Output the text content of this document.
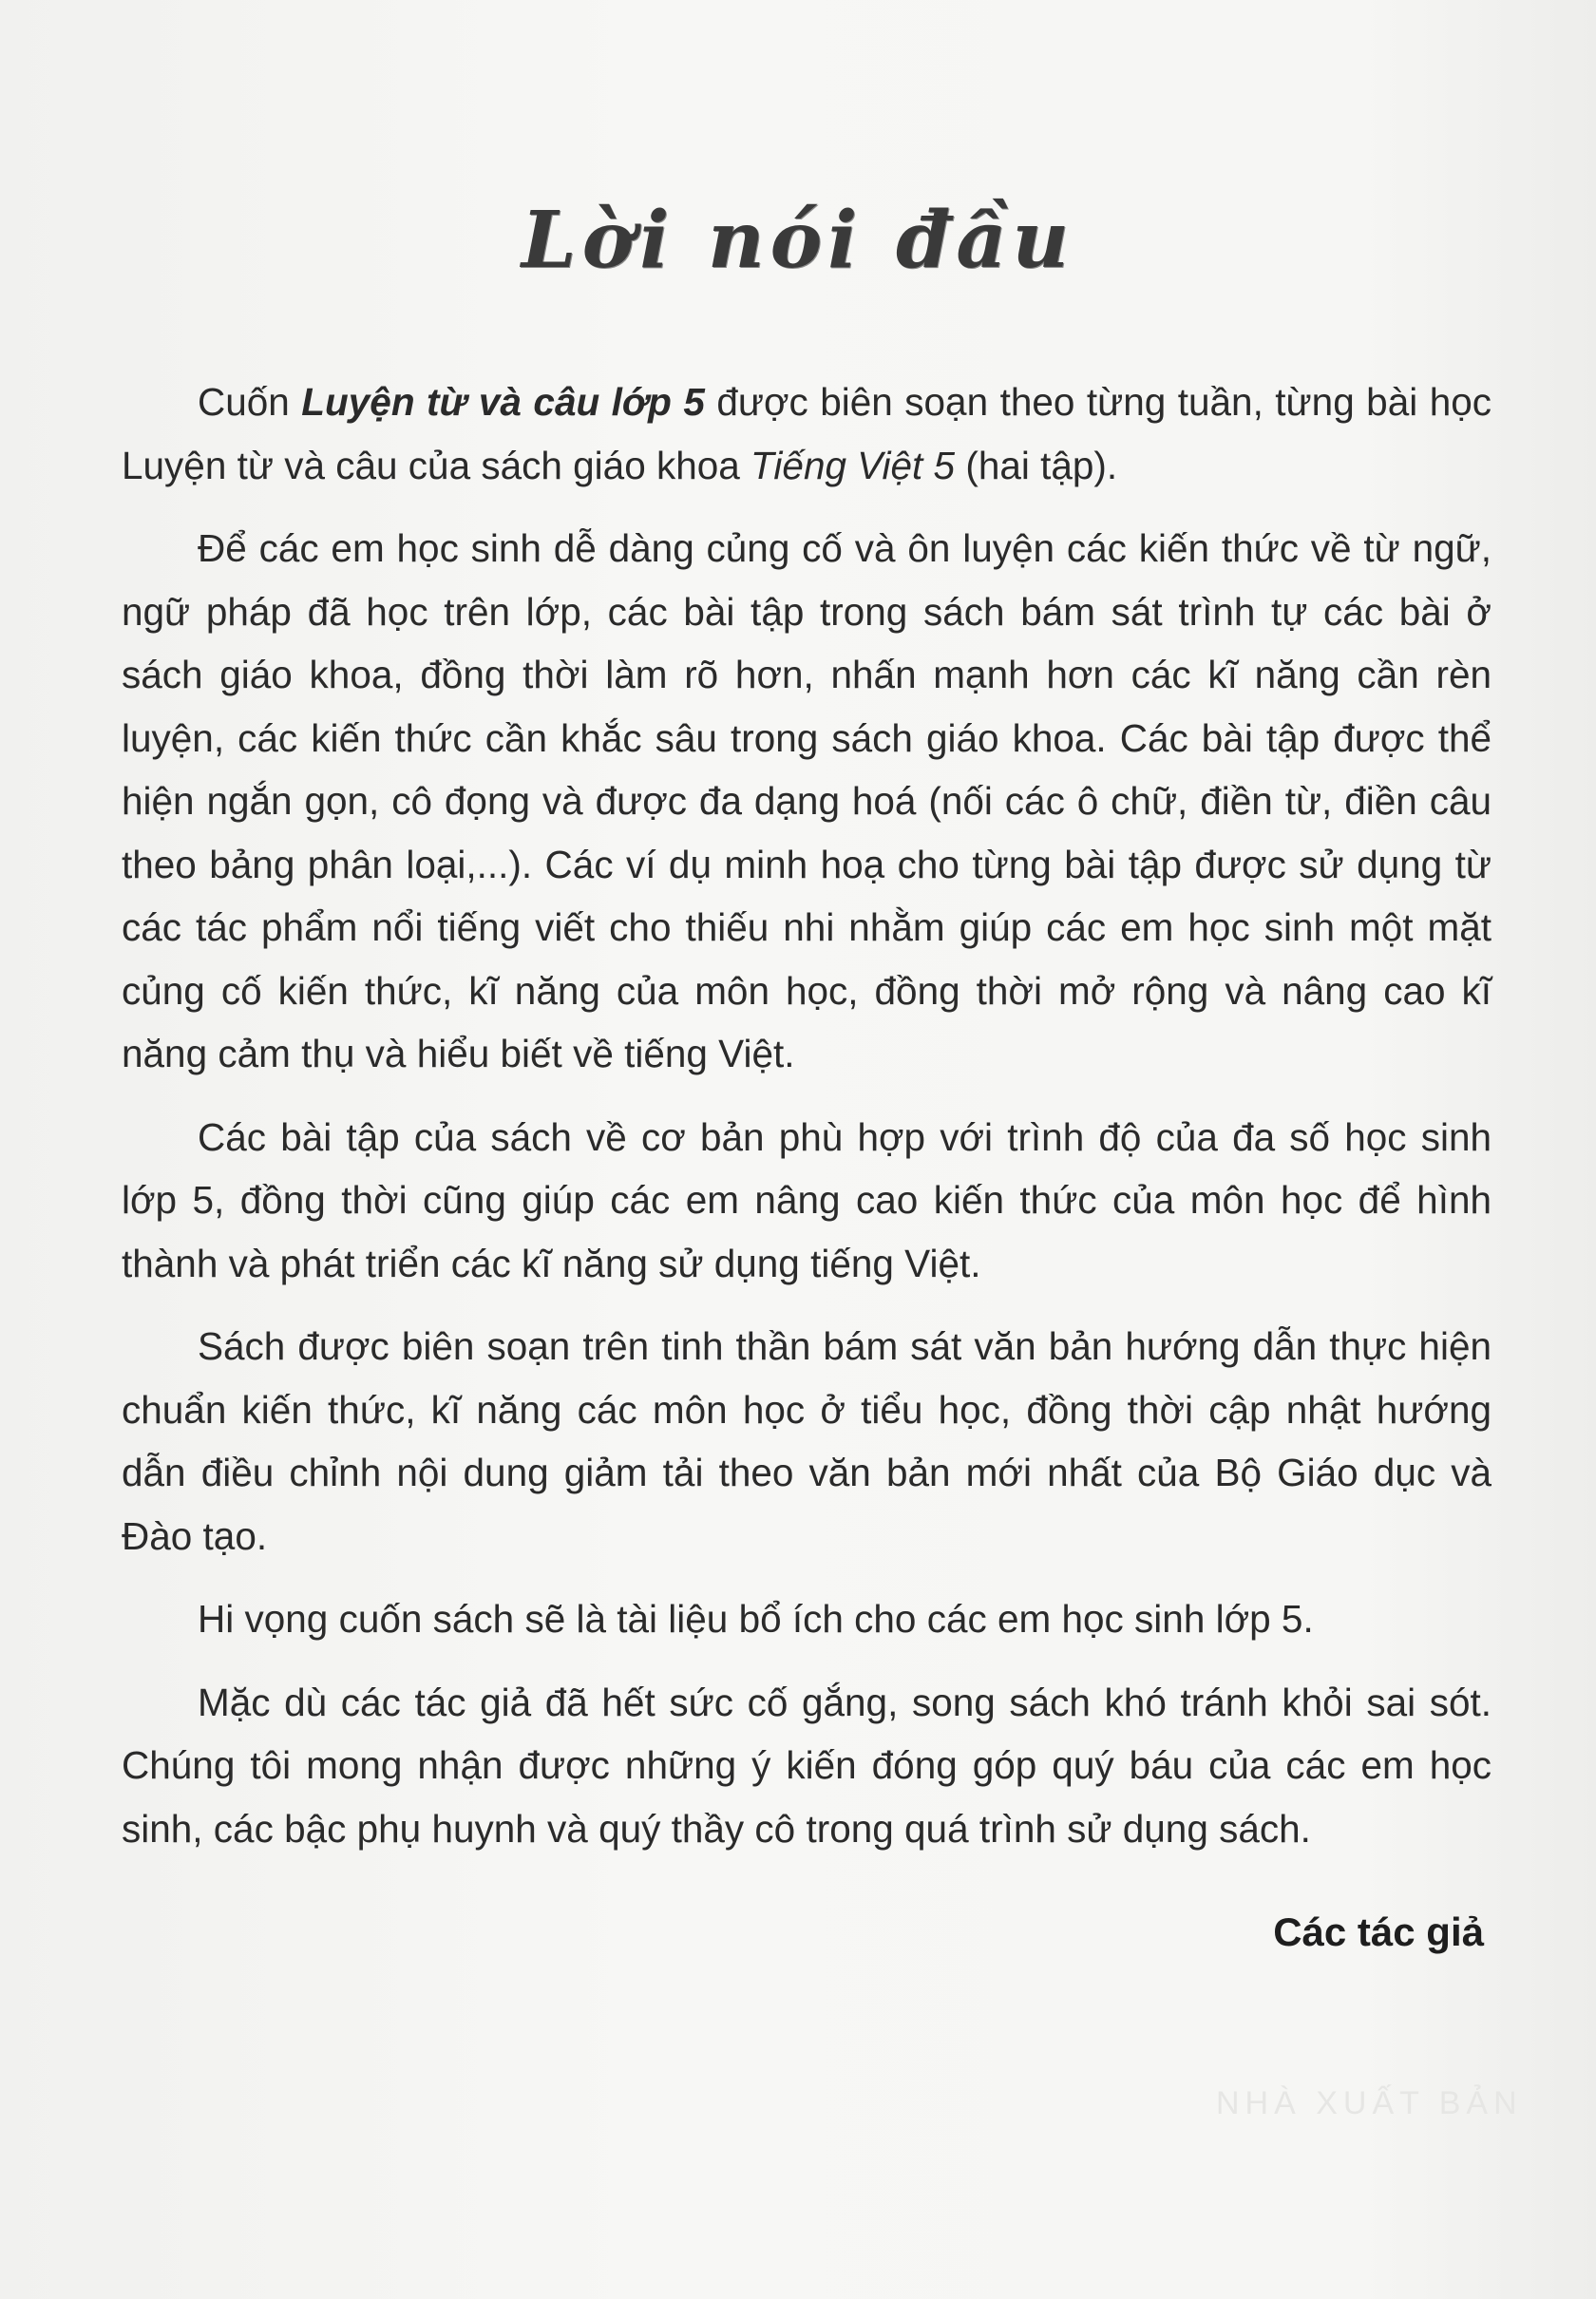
Lời nói đầu

Cuốn Luyện từ và câu lớp 5 được biên soạn theo từng tuần, từng bài học Luyện từ và câu của sách giáo khoa Tiếng Việt 5 (hai tập).

Để các em học sinh dễ dàng củng cố và ôn luyện các kiến thức về từ ngữ, ngữ pháp đã học trên lớp, các bài tập trong sách bám sát trình tự các bài ở sách giáo khoa, đồng thời làm rõ hơn, nhấn mạnh hơn các kĩ năng cần rèn luyện, các kiến thức cần khắc sâu trong sách giáo khoa. Các bài tập được thể hiện ngắn gọn, cô đọng và được đa dạng hoá (nối các ô chữ, điền từ, điền câu theo bảng phân loại,...). Các ví dụ minh hoạ cho từng bài tập được sử dụng từ các tác phẩm nổi tiếng viết cho thiếu nhi nhằm giúp các em học sinh một mặt củng cố kiến thức, kĩ năng của môn học, đồng thời mở rộng và nâng cao kĩ năng cảm thụ và hiểu biết về tiếng Việt.

Các bài tập của sách về cơ bản phù hợp với trình độ của đa số học sinh lớp 5, đồng thời cũng giúp các em nâng cao kiến thức của môn học để hình thành và phát triển các kĩ năng sử dụng tiếng Việt.

Sách được biên soạn trên tinh thần bám sát văn bản hướng dẫn thực hiện chuẩn kiến thức, kĩ năng các môn học ở tiểu học, đồng thời cập nhật hướng dẫn điều chỉnh nội dung giảm tải theo văn bản mới nhất của Bộ Giáo dục và Đào tạo.

Hi vọng cuốn sách sẽ là tài liệu bổ ích cho các em học sinh lớp 5.

Mặc dù các tác giả đã hết sức cố gắng, song sách khó tránh khỏi sai sót. Chúng tôi mong nhận được những ý kiến đóng góp quý báu của các em học sinh, các bậc phụ huynh và quý thầy cô trong quá trình sử dụng sách.

Các tác giả
NHÀ XUẤT BẢN
